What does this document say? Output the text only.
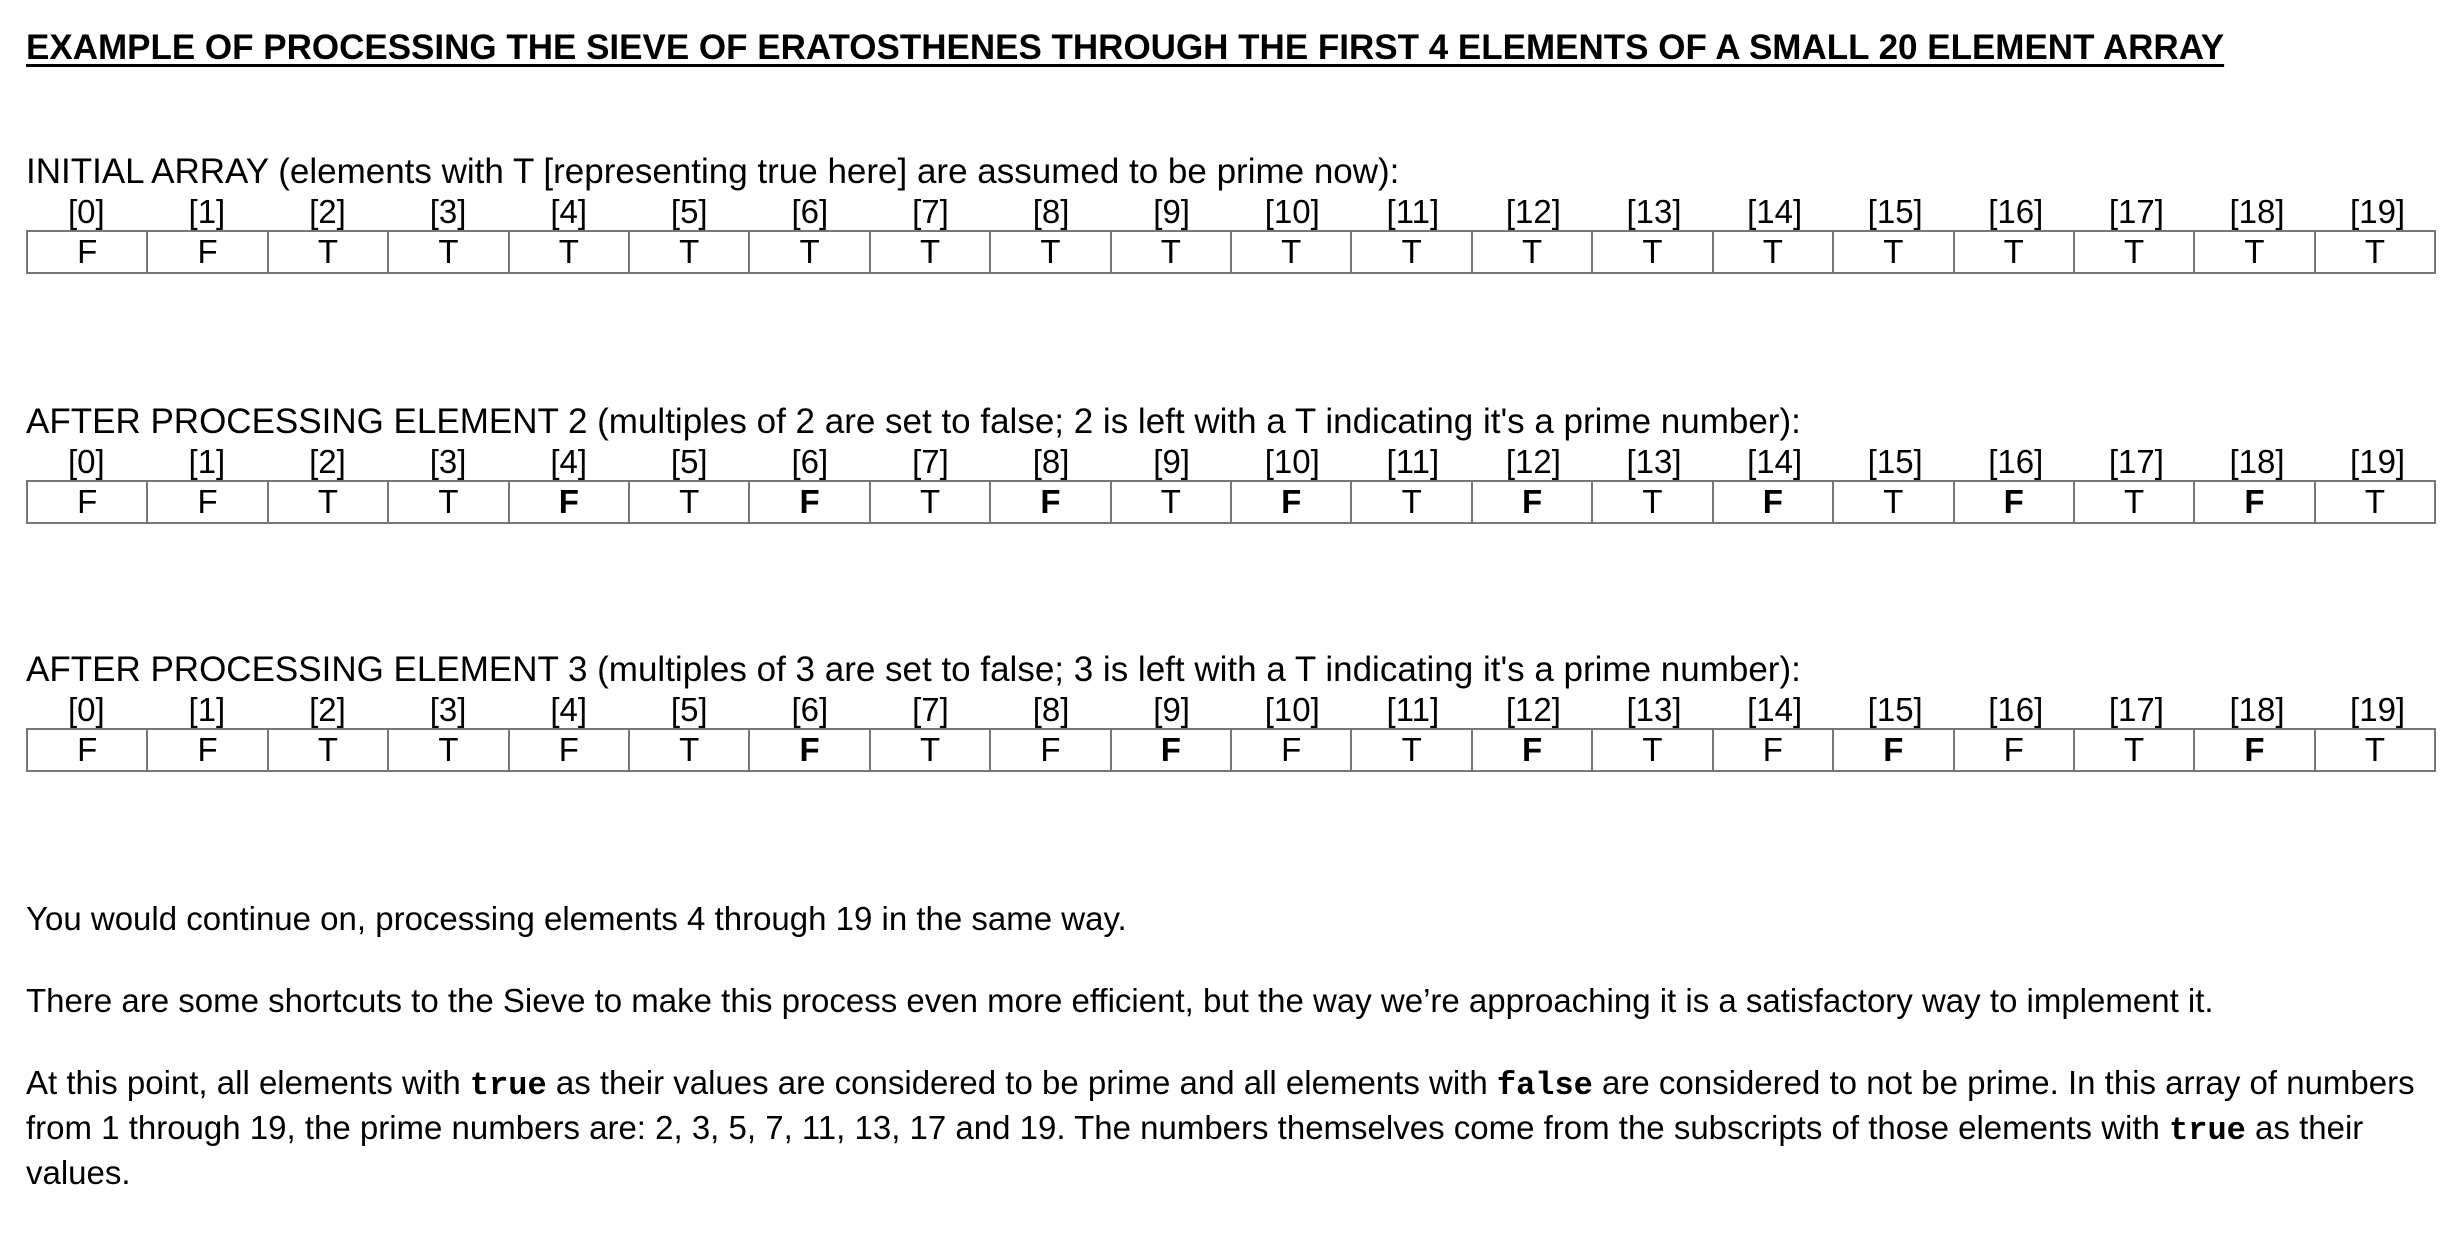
EXAMPLE OF PROCESSING THE SIEVE OF ERATOSTHENES THROUGH THE FIRST 4 ELEMENTS OF A SMALL 20 ELEMENT ARRAY
INITIAL ARRAY (elements with T [representing true here] are assumed to be prime now):
[0]	[1]	[2]	[3]	[4]	[5]	[6]	[7]	[8]	[9]	[10]	[11]	[12]	[13]	[14]	[15]	[16]	[17]	[18]	[19]
F	F	T	T	T	T	T	T	T	T	T	T	T	T	T	T	T	T	T	T
AFTER PROCESSING ELEMENT 2 (multiples of 2 are set to false; 2 is left with a T indicating it's a prime number):
[0]	[1]	[2]	[3]	[4]	[5]	[6]	[7]	[8]	[9]	[10]	[11]	[12]	[13]	[14]	[15]	[16]	[17]	[18]	[19]
F	F	T	T	F	T	F	T	F	T	F	T	F	T	F	T	F	T	F	T
AFTER PROCESSING ELEMENT 3 (multiples of 3 are set to false; 3 is left with a T indicating it's a prime number):
[0]	[1]	[2]	[3]	[4]	[5]	[6]	[7]	[8]	[9]	[10]	[11]	[12]	[13]	[14]	[15]	[16]	[17]	[18]	[19]
F	F	T	T	F	T	F	T	F	F	F	T	F	T	F	F	F	T	F	T
You would continue on, processing elements 4 through 19 in the same way.
There are some shortcuts to the Sieve to make this process even more efficient, but the way we’re approaching it is a satisfactory way to implement it.
At this point, all elements with true as their values are considered to be prime and all elements with false are considered to not be prime. In this array of numbers from 1 through 19, the prime numbers are: 2, 3, 5, 7, 11, 13, 17 and 19. The numbers themselves come from the subscripts of those elements with true as their values.
